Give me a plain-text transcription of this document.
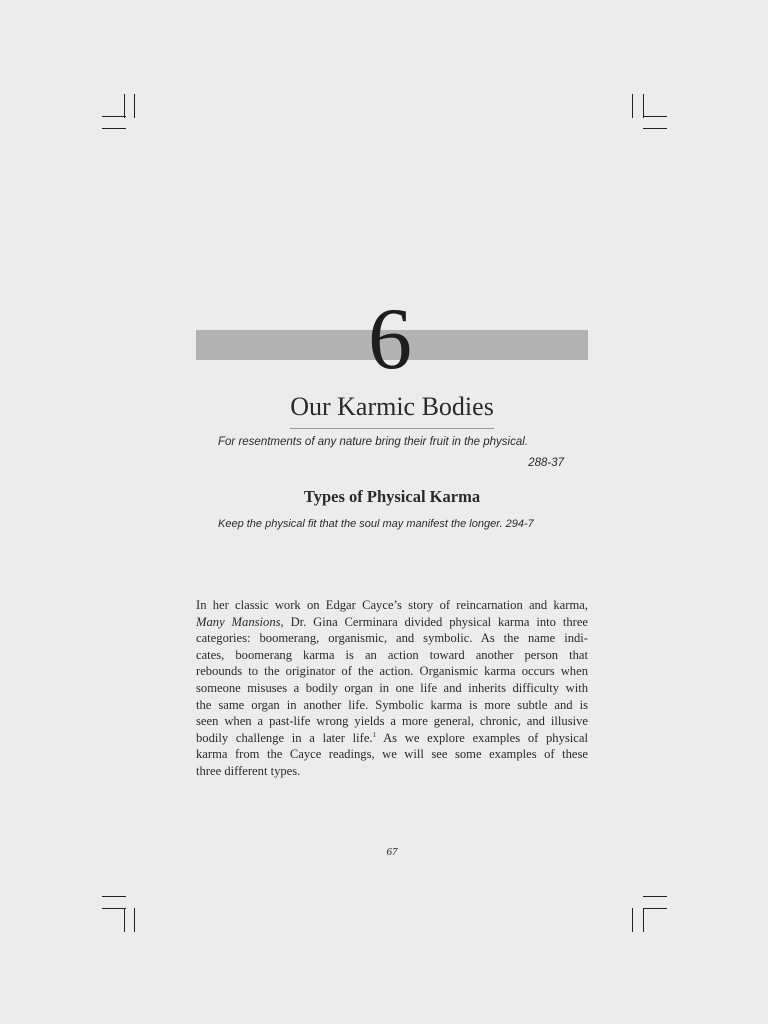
6
Our Karmic Bodies
For resentments of any nature bring their fruit in the physical.
288-37
Types of Physical Karma
Keep the physical fit that the soul may manifest the longer. 294-7
In her classic work on Edgar Cayce’s story of reincarnation and karma,
Many Mansions, Dr. Gina Cerminara divided physical karma into three
categories: boomerang, organismic, and symbolic. As the name indi-
cates, boomerang karma is an action toward another person that
rebounds to the originator of the action. Organismic karma occurs when
someone misuses a bodily organ in one life and inherits difficulty with
the same organ in another life. Symbolic karma is more subtle and is
seen when a past-life wrong yields a more general, chronic, and illusive
bodily challenge in a later life.$^1$ As we explore examples of physical
karma from the Cayce readings, we will see some examples of these
three different types.
67
